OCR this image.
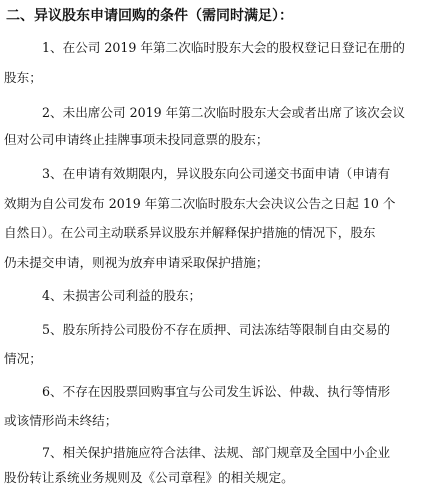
二、异议股东申请回购的条件（需同时满足）：
1、在公司 2019 年第二次临时股东大会的股权登记日登记在册的
股东；
2、未出席公司 2019 年第二次临时股东大会或者出席了该次会议
但对公司申请终止挂牌事项未投同意票的股东；
3、在申请有效期限内，异议股东向公司递交书面申请（申请有
效期为自公司发布 2019 年第二次临时股东大会决议公告之日起 10 个
自然日）。在公司主动联系异议股东并解释保护措施的情况下，股东
仍未提交申请，则视为放弃申请采取保护措施；
4、未损害公司利益的股东；
5、股东所持公司股份不存在质押、司法冻结等限制自由交易的
情况；
6、不存在因股票回购事宜与公司发生诉讼、仲裁、执行等情形
或该情形尚未终结；
7、相关保护措施应符合法律、法规、部门规章及全国中小企业
股份转让系统业务规则及《公司章程》的相关规定。
